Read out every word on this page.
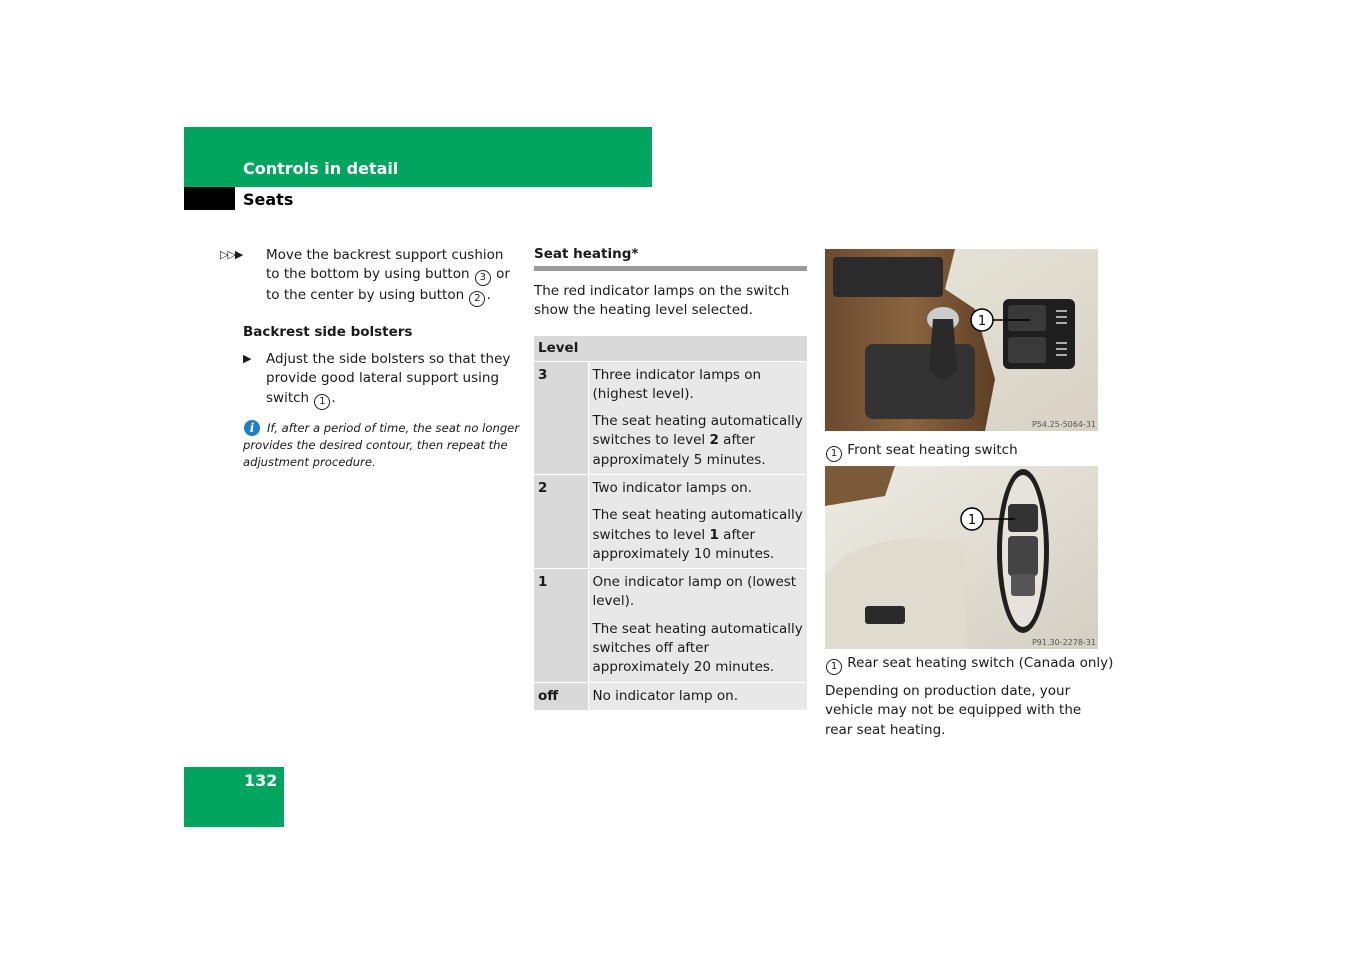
Controls in detail
Seats
▷▷▶ Move the backrest support cushion to the bottom by using button 3 or to the center by using button 2 .
Backrest side bolsters
▶ Adjust the side bolsters so that they provide good lateral support using switch 1 .
i	If, after a period of time, the seat no longer provides the desired contour, then repeat the adjustment procedure.
Seat heating*
The red indicator lamps on the switch show the heating level selected.
Level	
3	Three indicator lamps on (highest level).

The seat heating automatically switches to level 2 after approximately 5 minutes.

2	Two indicator lamps on.

The seat heating automatically switches to level 1 after approximately 10 minutes.

1	One indicator lamp on (lowest level).

The seat heating automatically switches off after approximately 20 minutes.

off	No indicator lamp on.

1
P54.25-5064-31
1 Front seat heating switch
1
P91.30-2278-31
1 Rear seat heating switch (Canada only)
Depending on production date, your vehicle may not be equipped with the rear seat heating.
132
